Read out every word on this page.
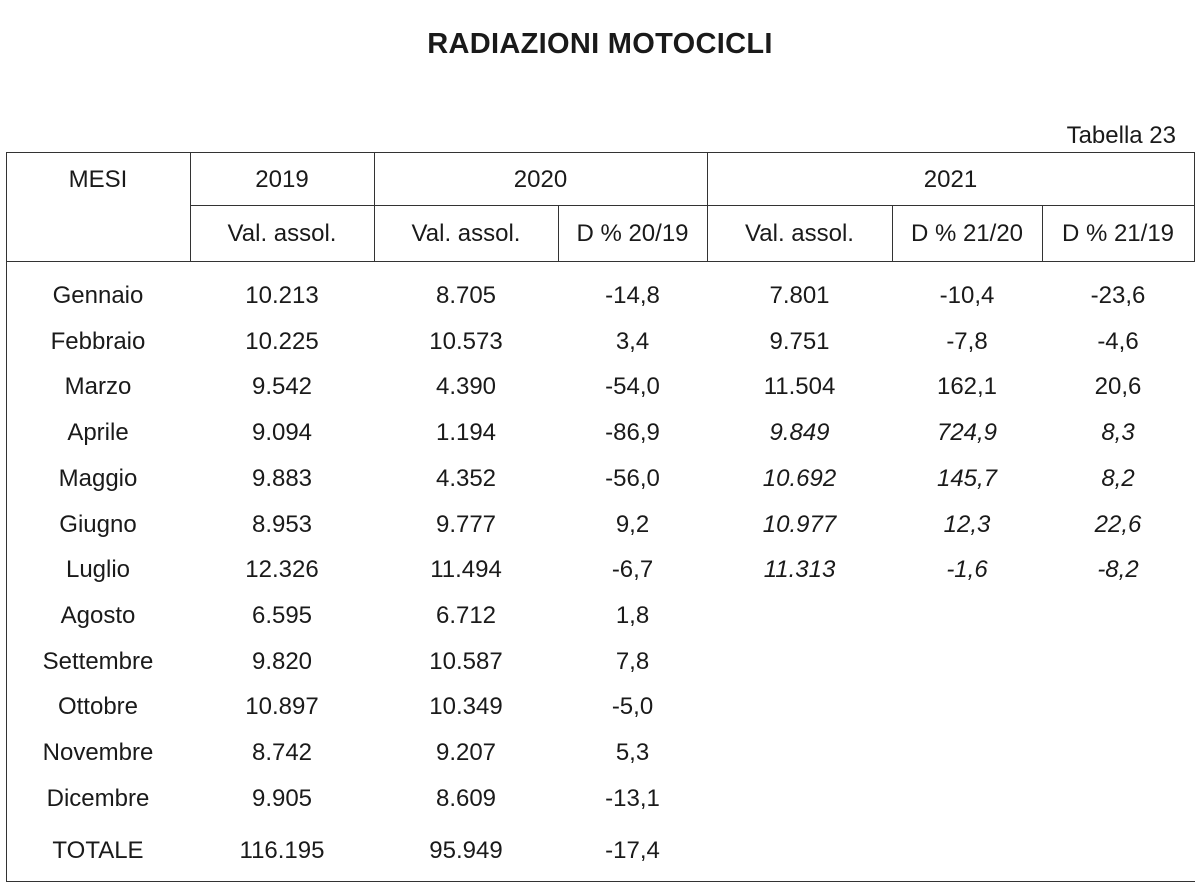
RADIAZIONI MOTOCICLI
Tabella 23
MESI	2019	2020	2021
Val. assol.	Val. assol.	D % 20/19	Val. assol.	D % 21/20	D % 21/19
TOTALE	116.195	95.949	-17,4
Gennaio	10.213	8.705	-14,8	7.801	-10,4	-23,6
Febbraio	10.225	10.573	3,4	9.751	-7,8	-4,6
Marzo	9.542	4.390	-54,0	11.504	162,1	20,6
Aprile	9.094	1.194	-86,9	9.849	724,9	8,3
Maggio	9.883	4.352	-56,0	10.692	145,7	8,2
Giugno	8.953	9.777	9,2	10.977	12,3	22,6
Luglio	12.326	11.494	-6,7	11.313	-1,6	-8,2
Agosto	6.595	6.712	1,8
Settembre	9.820	10.587	7,8
Ottobre	10.897	10.349	-5,0
Novembre	8.742	9.207	5,3
Dicembre	9.905	8.609	-13,1
